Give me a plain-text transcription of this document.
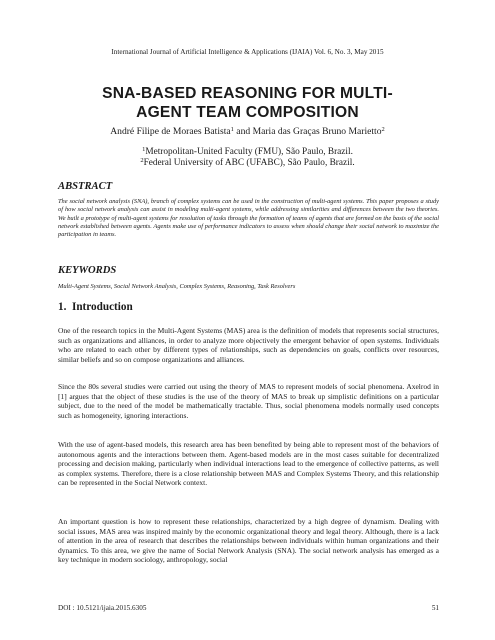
International Journal of Artificial Intelligence & Applications (IJAIA) Vol. 6, No. 3, May 2015
SNA-BASED REASONING FOR MULTI-
AGENT TEAM COMPOSITION
André Filipe de Moraes Batista$^1$ and Maria das Graças Bruno Marietto$^2$
$^1$Metropolitan-United Faculty (FMU), São Paulo, Brazil.
$^2$Federal University of ABC (UFABC), São Paulo, Brazil.
ABSTRACT
The social network analysis (SNA), branch of complex systems can be used in the construction of multi-agent systems. This paper proposes a study of how social network analysis can assist in modeling multi-agent systems, while addressing similarities and differences between the two theories. We built a prototype of multi-agent systems for resolution of tasks through the formation of teams of agents that are formed on the basis of the social network established between agents. Agents make use of performance indicators to assess when should change their social network to maximize the participation in teams.
KEYWORDS
Multi-Agent Systems, Social Network Analysis, Complex Systems, Reasoning, Task Resolvers
1.  Introduction

One of the research topics in the Multi-Agent Systems (MAS) area is the definition of models that represents social structures, such as organizations and alliances, in order to analyze more objectively the emergent behavior of open systems. Individuals who are related to each other by different types of relationships, such as dependencies on goals, conflicts over resources, similar beliefs and so on compose organizations and alliances.

Since the 80s several studies were carried out using the theory of MAS to represent models of social phenomena. Axelrod in [1] argues that the object of these studies is the use of the theory of MAS to break up simplistic definitions on a particular subject, due to the need of the model be mathematically tractable. Thus, social phenomena models normally used concepts such as homogeneity, ignoring interactions.

With the use of agent-based models, this research area has been benefited by being able to represent most of the behaviors of autonomous agents and the interactions between them. Agent-based models are in the most cases suitable for decentralized processing and decision making, particularly when individual interactions lead to the emergence of collective patterns, as well as complex systems. Therefore, there is a close relationship between MAS and Complex Systems Theory, and this relationship can be represented in the Social Network context.

An important question is how to represent these relationships, characterized by a high degree of dynamism. Dealing with social issues, MAS area was inspired mainly by the economic organizational theory and legal theory. Although, there is a lack of attention in the area of research that describes the relationships between individuals within human organizations and their dynamics. To this area, we give the name of Social Network Analysis (SNA). The social network analysis has emerged as a key technique in modern sociology, anthropology, social

DOI : 10.5121/ijaia.2015.6305	51
